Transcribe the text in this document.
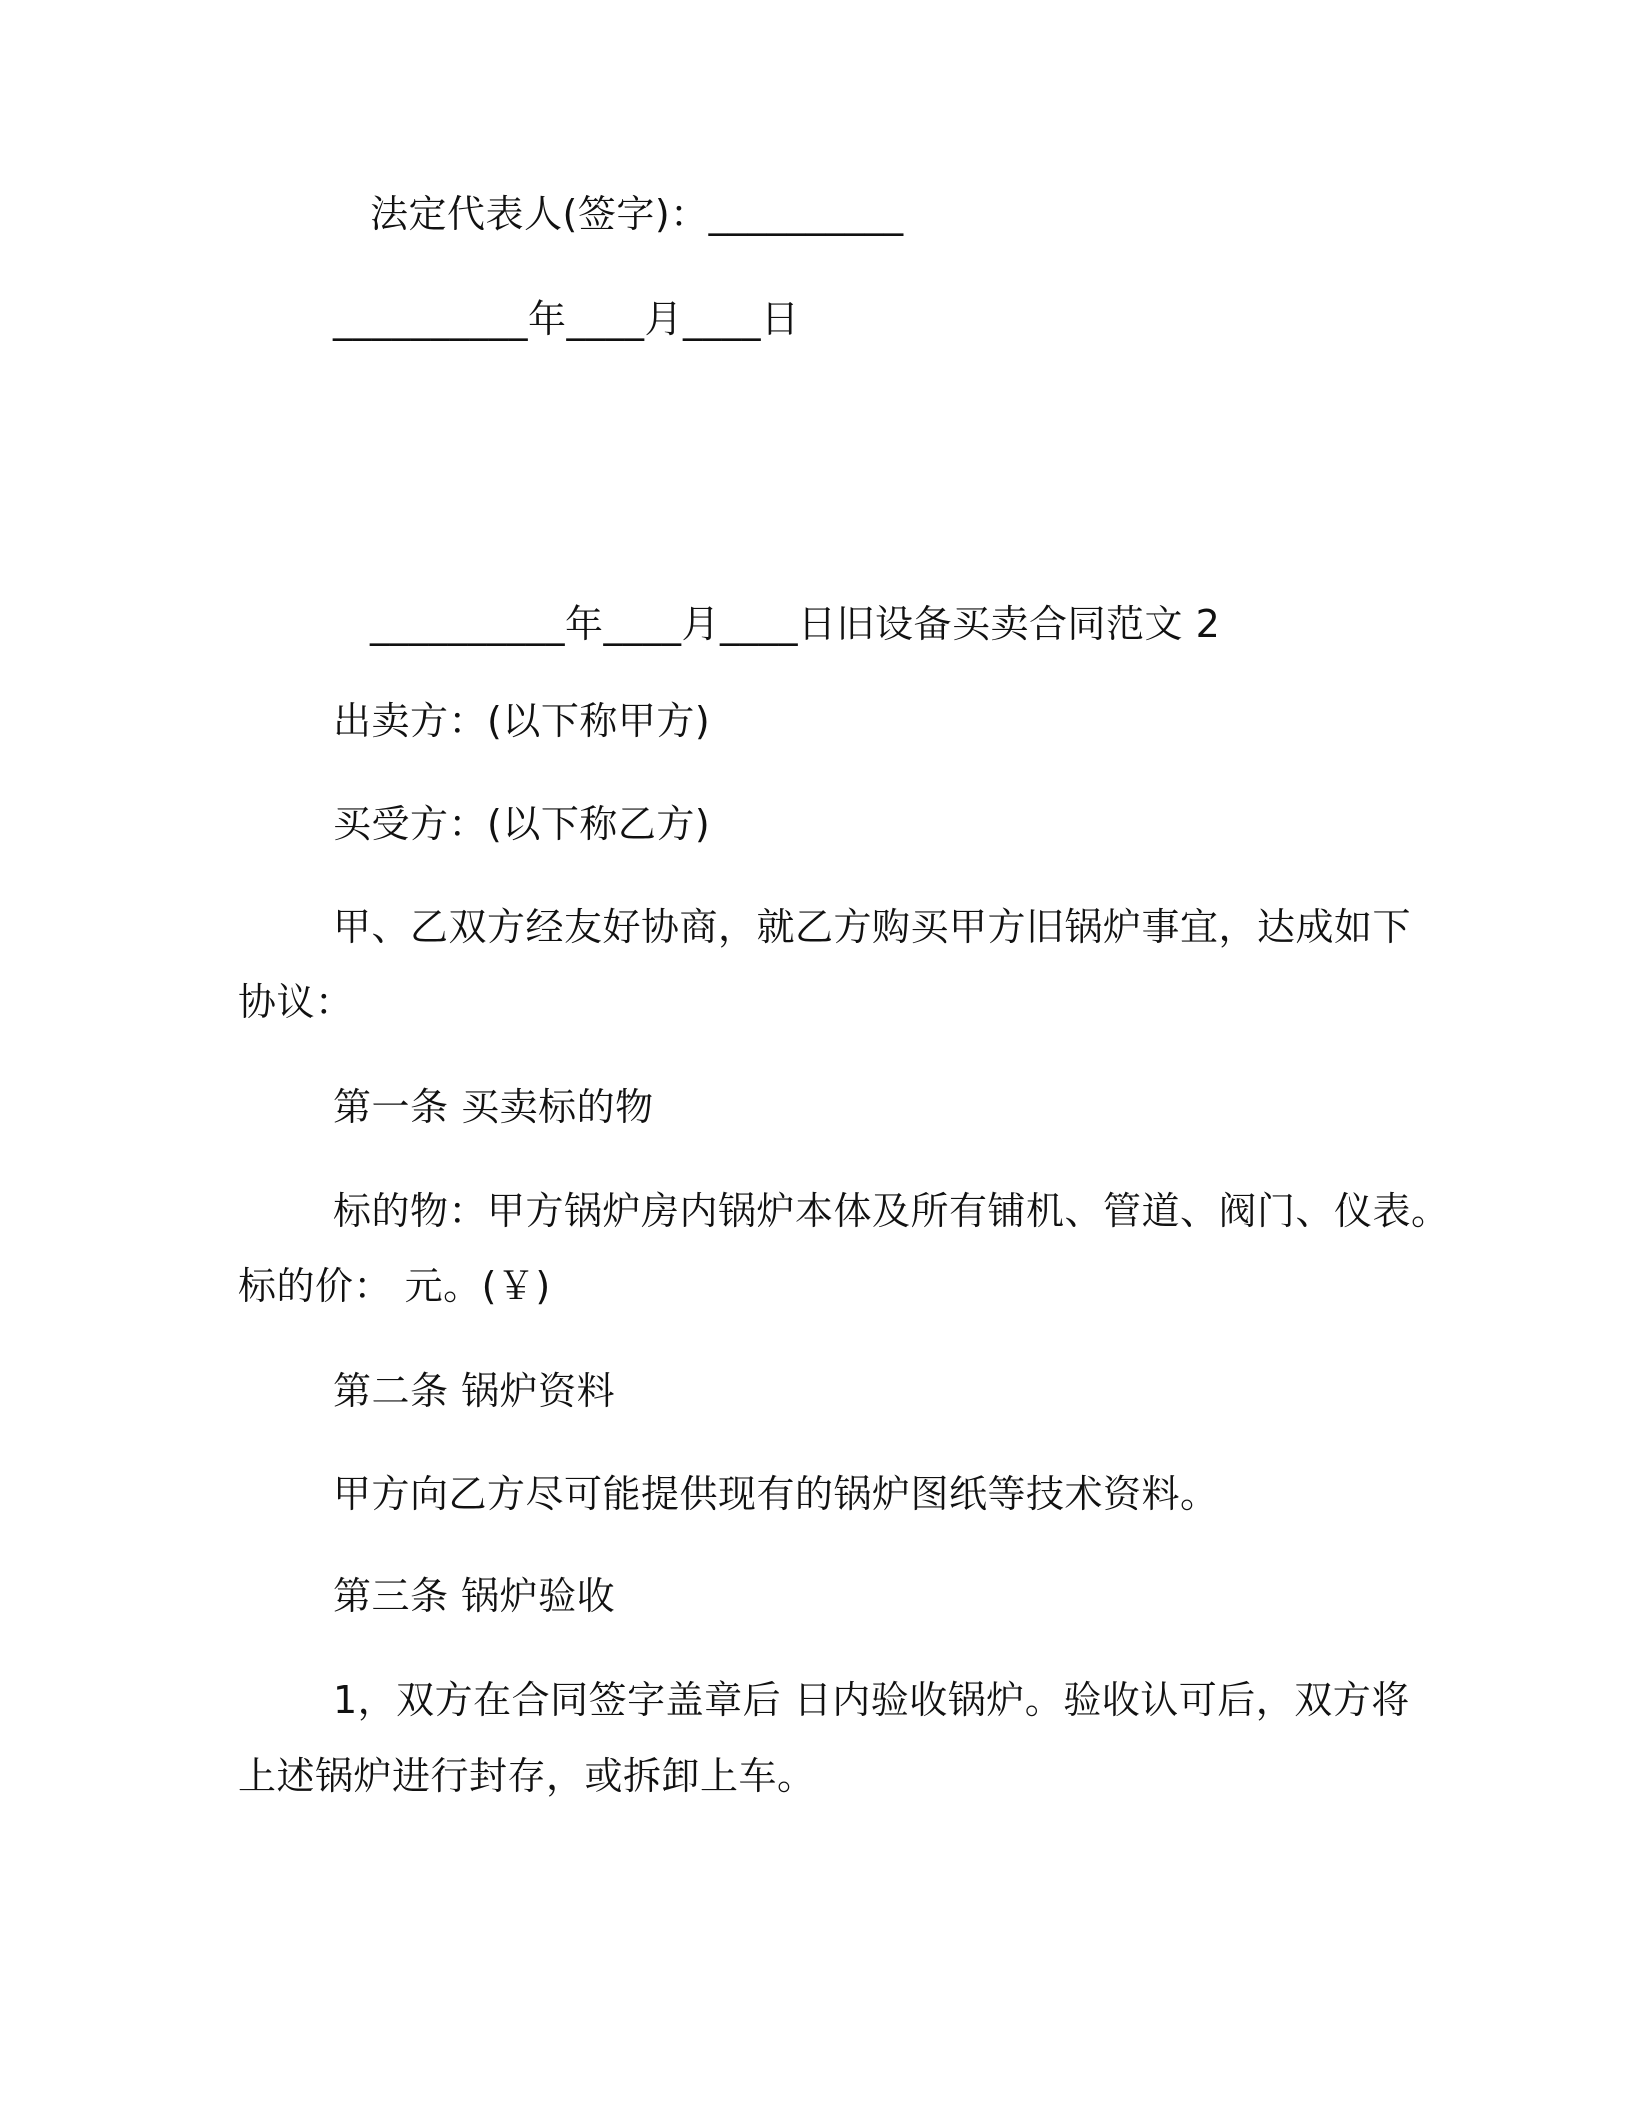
法定代表人(签字)：__________
__________年____月____日
__________年____月____日旧设备买卖合同范文 2
出卖方：(以下称甲方)
买受方：(以下称乙方)
甲、乙双方经友好协商，就乙方购买甲方旧锅炉事宜，达成如下
协议：
第一条 买卖标的物
标的物：甲方锅炉房内锅炉本体及所有铺机、管道、阀门、仪表。
标的价： 元。(￥)
第二条 锅炉资料
甲方向乙方尽可能提供现有的锅炉图纸等技术资料。
第三条 锅炉验收
1，双方在合同签字盖章后 日内验收锅炉。验收认可后，双方将
上述锅炉进行封存，或拆卸上车。
